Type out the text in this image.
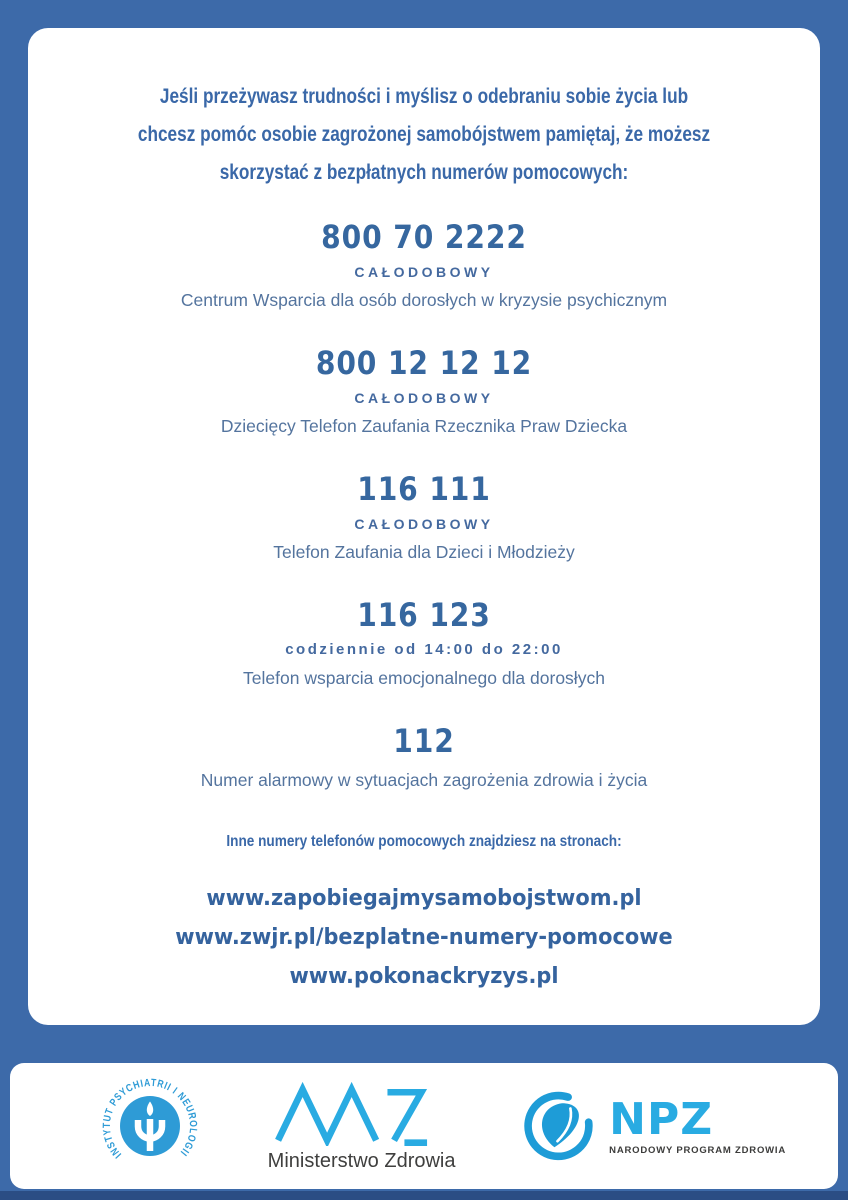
Jeśli przeżywasz trudności i myślisz o odebraniu sobie życia lub
chcesz pomóc osobie zagrożonej samobójstwem pamiętaj, że możesz
skorzystać z bezpłatnych numerów pomocowych:
800 70 2222
CAŁODOBOWY
Centrum Wsparcia dla osób dorosłych w kryzysie psychicznym
800 12 12 12
CAŁODOBOWY
Dziecięcy Telefon Zaufania Rzecznika Praw Dziecka
116 111
CAŁODOBOWY
Telefon Zaufania dla Dzieci i Młodzieży
116 123
codziennie od 14:00 do 22:00
Telefon wsparcia emocjonalnego dla dorosłych
112
Numer alarmowy w sytuacjach zagrożenia zdrowia i życia
Inne numery telefonów pomocowych znajdziesz na stronach:
www.zapobiegajmysamobojstwom.pl
www.zwjr.pl/bezplatne-numery-pomocowe
www.pokonackryzys.pl
INSTYTUT PSYCHIATRII I NEUROLOGII	Ministerstwo Zdrowia
NPZ
NARODOWY PROGRAM ZDROWIA
